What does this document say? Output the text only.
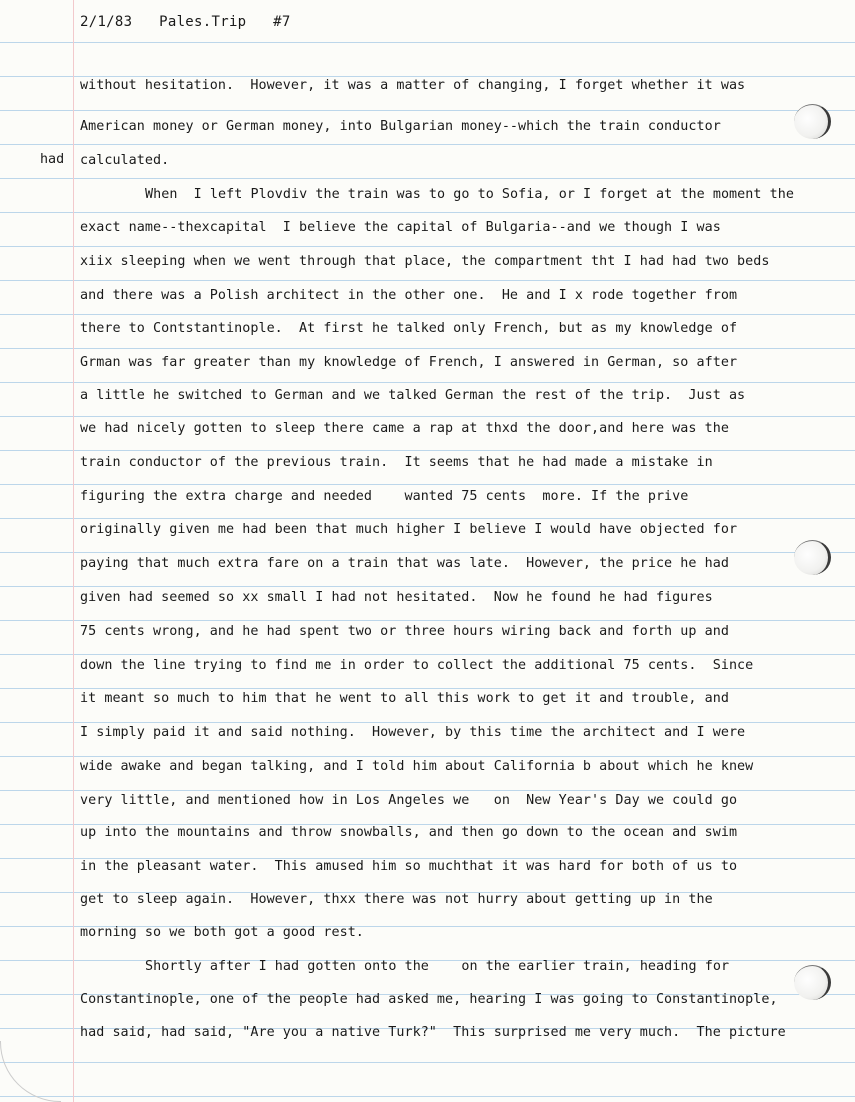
2/1/83 Pales.Trip #7
had
without hesitation.  However, it was a matter of changing, I forget whether it was
American money or German money, into Bulgarian money--which the train conductor
calculated.
When  I left Plovdiv the train was to go to Sofia, or I forget at the moment the
exact name--thexcapital  I believe the capital of Bulgaria--and we though I was
xiix sleeping when we went through that place, the compartment tht I had had two beds
and there was a Polish architect in the other one.  He and I x rode together from
there to Contstantinople.  At first he talked only French, but as my knowledge of
Grman was far greater than my knowledge of French, I answered in German, so after
a little he switched to German and we talked German the rest of the trip.  Just as
we had nicely gotten to sleep there came a rap at thxd the door,and here was the
train conductor of the previous train.  It seems that he had made a mistake in
figuring the extra charge and needed    wanted 75 cents  more. If the prive
originally given me had been that much higher I believe I would have objected for
paying that much extra fare on a train that was late.  However, the price he had
given had seemed so xx small I had not hesitated.  Now he found he had figures
75 cents wrong, and he had spent two or three hours wiring back and forth up and
down the line trying to find me in order to collect the additional 75 cents.  Since
it meant so much to him that he went to all this work to get it and trouble, and
I simply paid it and said nothing.  However, by this time the architect and I were
wide awake and began talking, and I told him about California b about which he knew
very little, and mentioned how in Los Angeles we   on  New Year's Day we could go
up into the mountains and throw snowballs, and then go down to the ocean and swim
in the pleasant water.  This amused him so muchthat it was hard for both of us to
get to sleep again.  However, thxx there was not hurry about getting up in the
morning so we both got a good rest.
Shortly after I had gotten onto the    on the earlier train, heading for
Constantinople, one of the people had asked me, hearing I was going to Constantinople,
had said, had said, "Are you a native Turk?"  This surprised me very much.  The picture
